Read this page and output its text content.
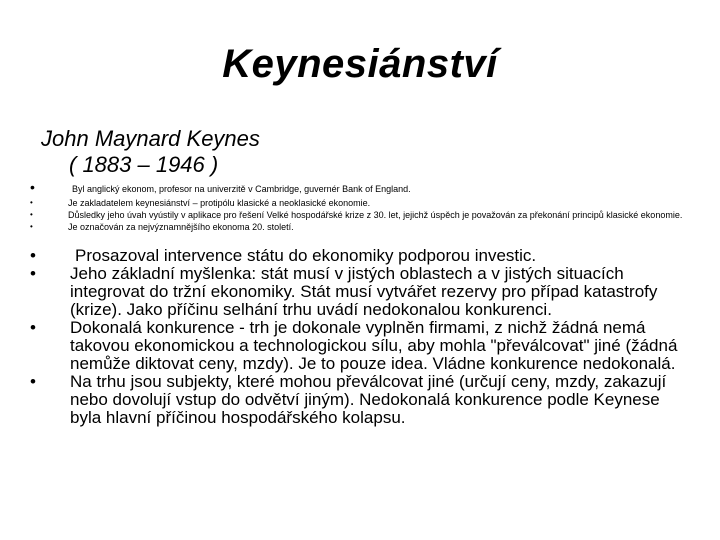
Keynesiánství
John Maynard Keynes
( 1883 – 1946 )
•	Byl anglický ekonom, profesor na univerzitě v Cambridge, guvernér Bank of England.
•	Je zakladatelem keynesiánství – protipólu klasické a neoklasické ekonomie.
•	Důsledky jeho úvah vyústily v aplikace pro řešení Velké hospodářské krize z 30. let, jejichž úspěch je považován za překonání principů klasické ekonomie.
•	Je označován za nejvýznamnějšího ekonoma 20. století.
• Prosazoval intervence státu do ekonomiky podporou investic.
• Jeho základní myšlenka: stát musí v jistých oblastech a v jistých situacích integrovat do tržní ekonomiky. Stát musí vytvářet rezervy pro případ katastrofy (krize). Jako příčinu selhání trhu uvádí nedokonalou konkurenci.
• Dokonalá konkurence - trh je dokonale vyplněn firmami, z nichž žádná nemá takovou ekonomickou a technologickou sílu, aby mohla "převálcovat" jiné (žádná nemůže diktovat ceny, mzdy). Je to pouze idea. Vládne konkurence nedokonalá.
• Na trhu jsou subjekty, které mohou převálcovat jiné (určují ceny, mzdy, zakazují nebo dovolují vstup do odvětví jiným). Nedokonalá konkurence podle Keynese byla hlavní příčinou hospodářského kolapsu.
